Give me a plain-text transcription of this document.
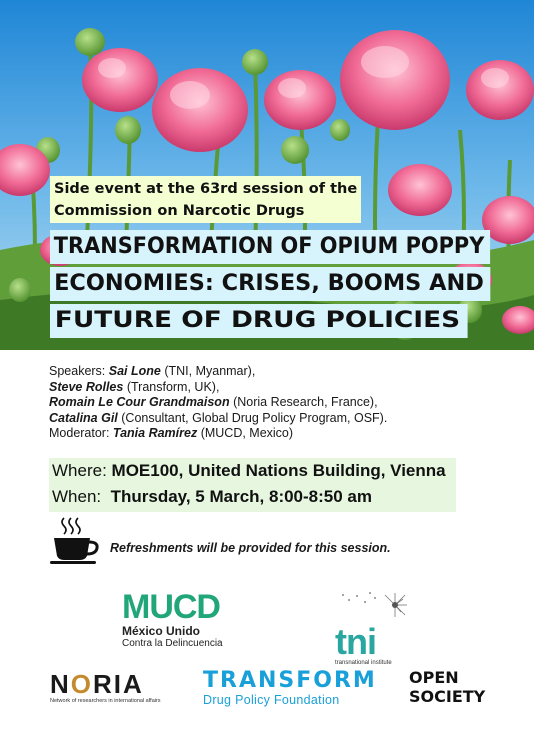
Side event at the 63rd session of the
Commission on Narcotic Drugs
TRANSFORMATION OF OPIUM POPPY
ECONOMIES: CRISES, BOOMS AND
FUTURE OF DRUG POLICIES
Speakers: Sai Lone (TNI, Myanmar),
Steve Rolles (Transform, UK),
Romain Le Cour Grandmaison (Noria Research, France),
Catalina Gil (Consultant, Global Drug Policy Program, OSF).
Moderator: Tania Ramírez (MUCD, Mexico)
Where: MOE100, United Nations Building, Vienna
When:  Thursday, 5 March, 8:00-8:50 am
Refreshments will be provided for this session.
MUCD
México Unido
Contra la Delincuencia	tni
transnational institute
NORIA
Network of researchers in international affairs
TRANSFORM
Drug Policy Foundation
OPEN
SOCIETY
